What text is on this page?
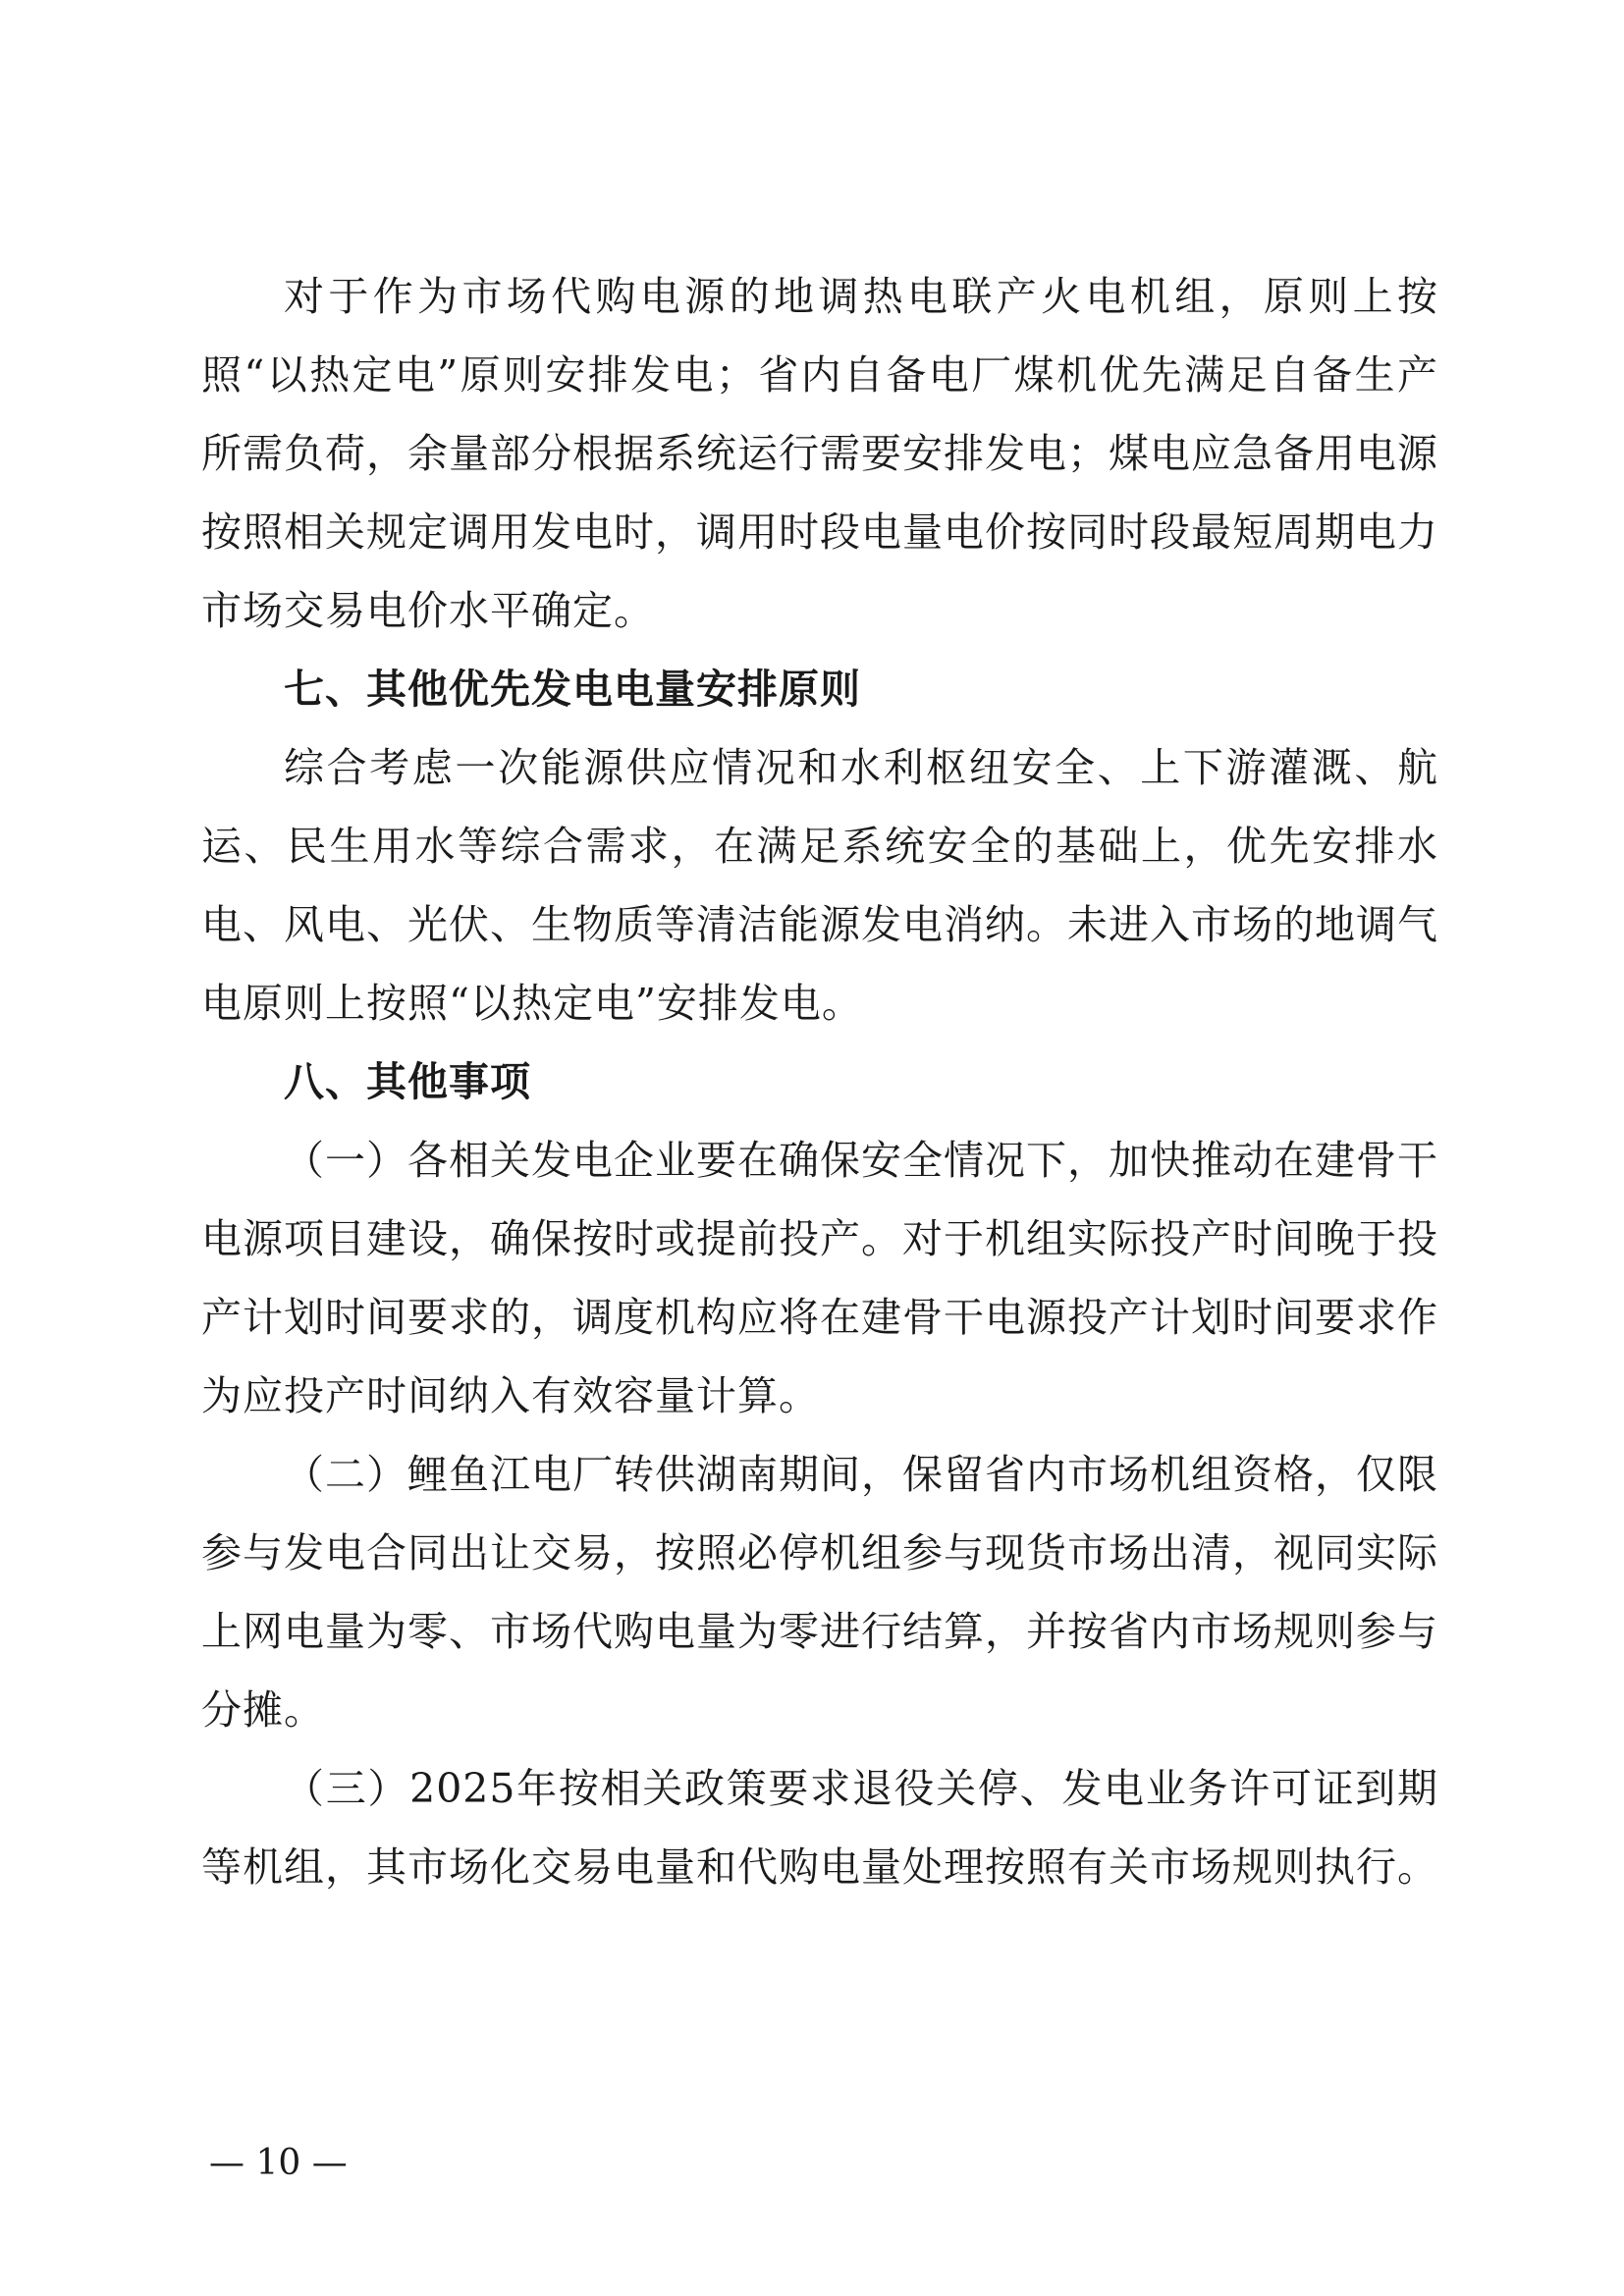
对于作为市场代购电源的地调热电联产火电机组，原则上按照“以热定电”原则安排发电；省内自备电厂煤机优先满足自备生产所需负荷，余量部分根据系统运行需要安排发电；煤电应急备用电源按照相关规定调用发电时，调用时段电量电价按同时段最短周期电力市场交易电价水平确定。

七、其他优先发电电量安排原则

综合考虑一次能源供应情况和水利枢纽安全、上下游灌溉、航运、民生用水等综合需求，在满足系统安全的基础上，优先安排水电、风电、光伏、生物质等清洁能源发电消纳。未进入市场的地调气电原则上按照“以热定电”安排发电。

八、其他事项

（一）各相关发电企业要在确保安全情况下，加快推动在建骨干电源项目建设，确保按时或提前投产。对于机组实际投产时间晚于投产计划时间要求的，调度机构应将在建骨干电源投产计划时间要求作为应投产时间纳入有效容量计算。

（二）鲤鱼江电厂转供湖南期间，保留省内市场机组资格，仅限参与发电合同出让交易，按照必停机组参与现货市场出清，视同实际上网电量为零、市场代购电量为零进行结算，并按省内市场规则参与分摊。

（三）2025年按相关政策要求退役关停、发电业务许可证到期等机组，其市场化交易电量和代购电量处理按照有关市场规则执行。

— 10 —
